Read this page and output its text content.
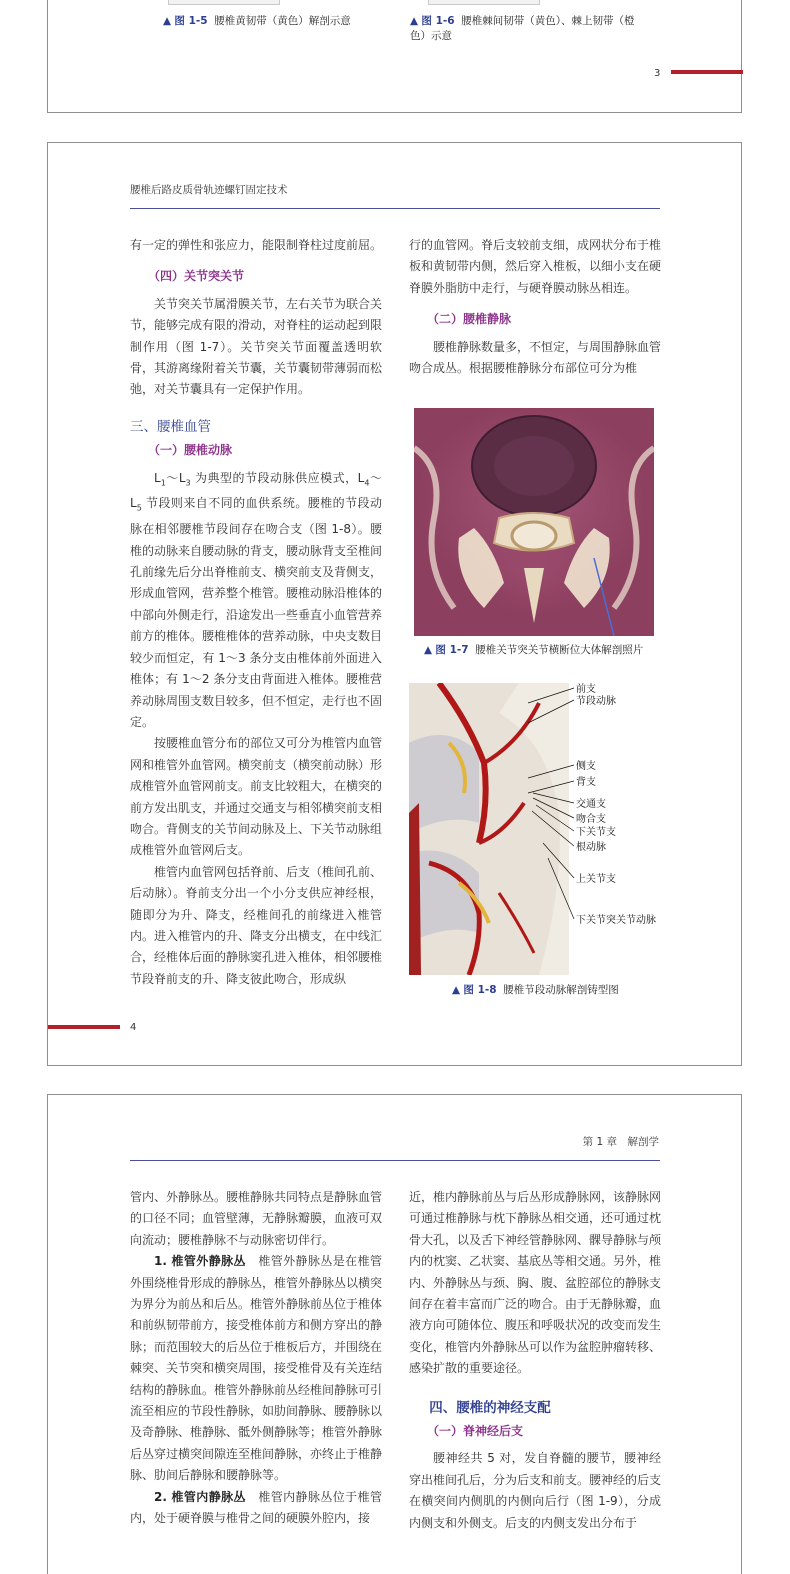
▲ 图 1-5 腰椎黄韧带（黄色）解剖示意	▲ 图 1-6 腰椎棘间韧带（黄色）、棘上韧带（橙
色）示意
3
腰椎后路皮质骨轨迹螺钉固定技术

有一定的弹性和张应力，能限制脊柱过度前屈。

（四）关节突关节

关节突关节属滑膜关节，左右关节为联合关节，能够完成有限的滑动，对脊柱的运动起到限制作用（图 1-7）。关节突关节面覆盖透明软骨，其游离缘附着关节囊，关节囊韧带薄弱而松弛，对关节囊具有一定保护作用。

三、腰椎血管

（一）腰椎动脉

$L_1\sim L_3$ 为典型的节段动脉供应模式，$L_4\sim L_5$ 节段则来自不同的血供系统。腰椎的节段动脉在相邻腰椎节段间存在吻合支（图 1-8）。腰椎的动脉来自腰动脉的背支，腰动脉背支至椎间孔前缘先后分出脊椎前支、横突前支及背侧支，形成血管网，营养整个椎管。腰椎动脉沿椎体的中部向外侧走行，沿途发出一些垂直小血管营养前方的椎体。腰椎椎体的营养动脉，中央支数目较少而恒定，有 1～3 条分支由椎体前外面进入椎体；有 1～2 条分支由背面进入椎体。腰椎营养动脉周围支数目较多，但不恒定，走行也不固定。

按腰椎血管分布的部位又可分为椎管内血管网和椎管外血管网。横突前支（横突前动脉）形成椎管外血管网前支。前支比较粗大，在横突的前方发出肌支，并通过交通支与相邻横突前支相吻合。背侧支的关节间动脉及上、下关节动脉组成椎管外血管网后支。

椎管内血管网包括脊前、后支（椎间孔前、后动脉）。脊前支分出一个小分支供应神经根，随即分为升、降支，经椎间孔的前缘进入椎管内。进入椎管内的升、降支分出横支，在中线汇合，经椎体后面的静脉窦孔进入椎体，相邻腰椎节段脊前支的升、降支彼此吻合，形成纵

行的血管网。脊后支较前支细，成网状分布于椎板和黄韧带内侧，然后穿入椎板，以细小支在硬脊膜外脂肪中走行，与硬脊膜动脉丛相连。

（二）腰椎静脉

腰椎静脉数量多，不恒定，与周围静脉血管吻合成丛。根据腰椎静脉分布部位可分为椎

▲ 图 1-7 腰椎关节突关节横断位大体解剖照片
前支
节段动脉
侧支
背支
交通支
吻合支
下关节支
根动脉
上关节支
下关节突关节动脉
▲ 图 1-8 腰椎节段动脉解剖铸型图
4
第 1 章　解剖学

管内、外静脉丛。腰椎静脉共同特点是静脉血管的口径不同；血管壁薄，无静脉瓣膜，血液可双向流动；腰椎静脉不与动脉密切伴行。

1. 椎管外静脉丛　椎管外静脉丛是在椎管外围绕椎骨形成的静脉丛，椎管外静脉丛以横突为界分为前丛和后丛。椎管外静脉前丛位于椎体和前纵韧带前方，接受椎体前方和侧方穿出的静脉；而范围较大的后丛位于椎板后方，并围绕在棘突、关节突和横突周围，接受椎骨及有关连结结构的静脉血。椎管外静脉前丛经椎间静脉可引流至相应的节段性静脉，如肋间静脉、腰静脉以及奇静脉、椎静脉、骶外侧静脉等；椎管外静脉后丛穿过横突间隙连至椎间静脉，亦终止于椎静脉、肋间后静脉和腰静脉等。

2. 椎管内静脉丛　椎管内静脉丛位于椎管内，处于硬脊膜与椎骨之间的硬膜外腔内，接

近，椎内静脉前丛与后丛形成静脉网，该静脉网可通过椎静脉与枕下静脉丛相交通，还可通过枕骨大孔，以及舌下神经管静脉网、髁导静脉与颅内的枕窦、乙状窦、基底丛等相交通。另外，椎内、外静脉丛与颈、胸、腹、盆腔部位的静脉支间存在着丰富而广泛的吻合。由于无静脉瓣，血液方向可随体位、腹压和呼吸状况的改变而发生变化，椎管内外静脉丛可以作为盆腔肿瘤转移、感染扩散的重要途径。

四、腰椎的神经支配

（一）脊神经后支

腰神经共 5 对，发自脊髓的腰节，腰神经穿出椎间孔后，分为后支和前支。腰神经的后支在横突间内侧肌的内侧向后行（图 1-9），分成内侧支和外侧支。后支的内侧支发出分布于
